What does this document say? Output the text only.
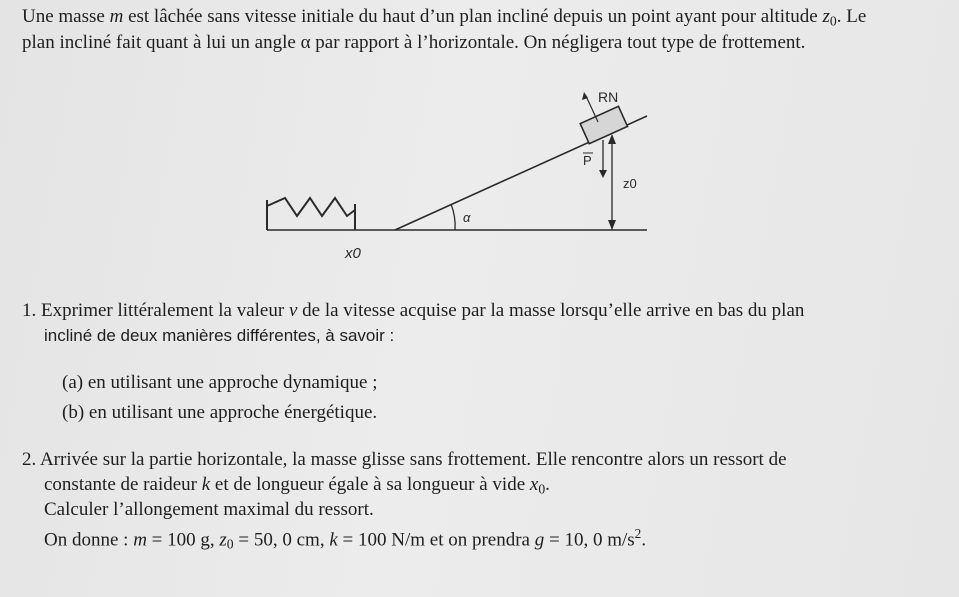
Une masse m est lâchée sans vitesse initiale du haut d’un plan incliné depuis un point ayant pour altitude z0. Le
plan incliné fait quant à lui un angle α par rapport à l’horizontale. On négligera tout type de frottement.
α
RN
P
z0
x0
1. Exprimer littéralement la valeur v de la vitesse acquise par la masse lorsqu’elle arrive en bas du plan
incliné de deux manières différentes, à savoir :
(a) en utilisant une approche dynamique ;
(b) en utilisant une approche énergétique.
2. Arrivée sur la partie horizontale, la masse glisse sans frottement. Elle rencontre alors un ressort de
constante de raideur k et de longueur égale à sa longueur à vide x0.
Calculer l’allongement maximal du ressort.
On donne : m = 100 g, z0 = 50, 0 cm, k = 100 N/m et on prendra g = 10, 0 $m/s^2$.
